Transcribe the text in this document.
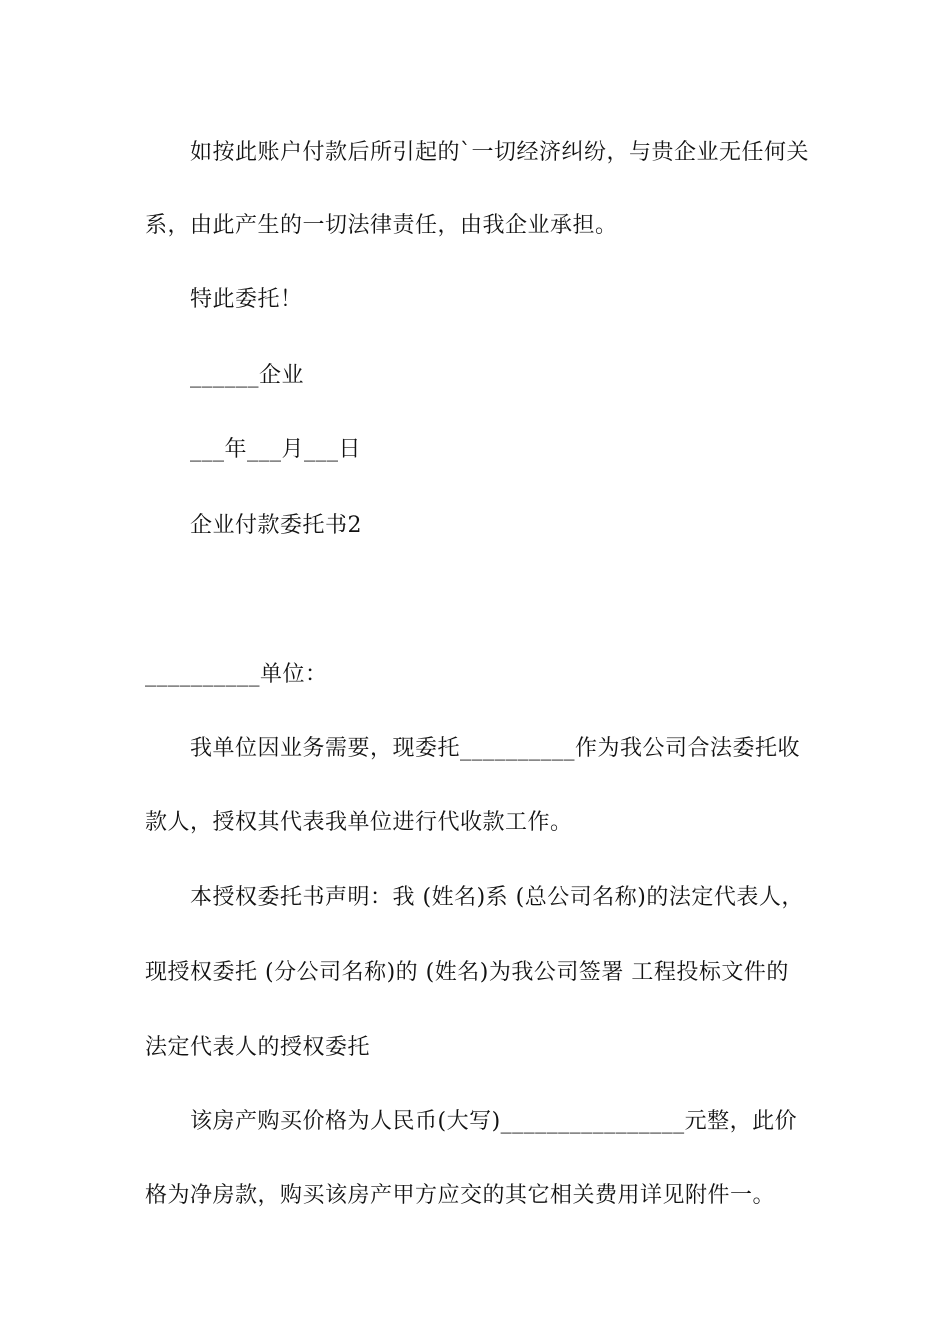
如按此账户付款后所引起的`一切经济纠纷，与贵企业无任何关
系，由此产生的一切法律责任，由我企业承担。
特此委托！
______企业
___年___月___日
企业付款委托书2
__________单位：
我单位因业务需要，现委托__________作为我公司合法委托收
款人，授权其代表我单位进行代收款工作。
本授权委托书声明：我 (姓名)系 (总公司名称)的法定代表人，
现授权委托 (分公司名称)的 (姓名)为我公司签署 工程投标文件的
法定代表人的授权委托
该房产购买价格为人民币(大写)________________元整，此价
格为净房款，购买该房产甲方应交的其它相关费用详见附件一。
